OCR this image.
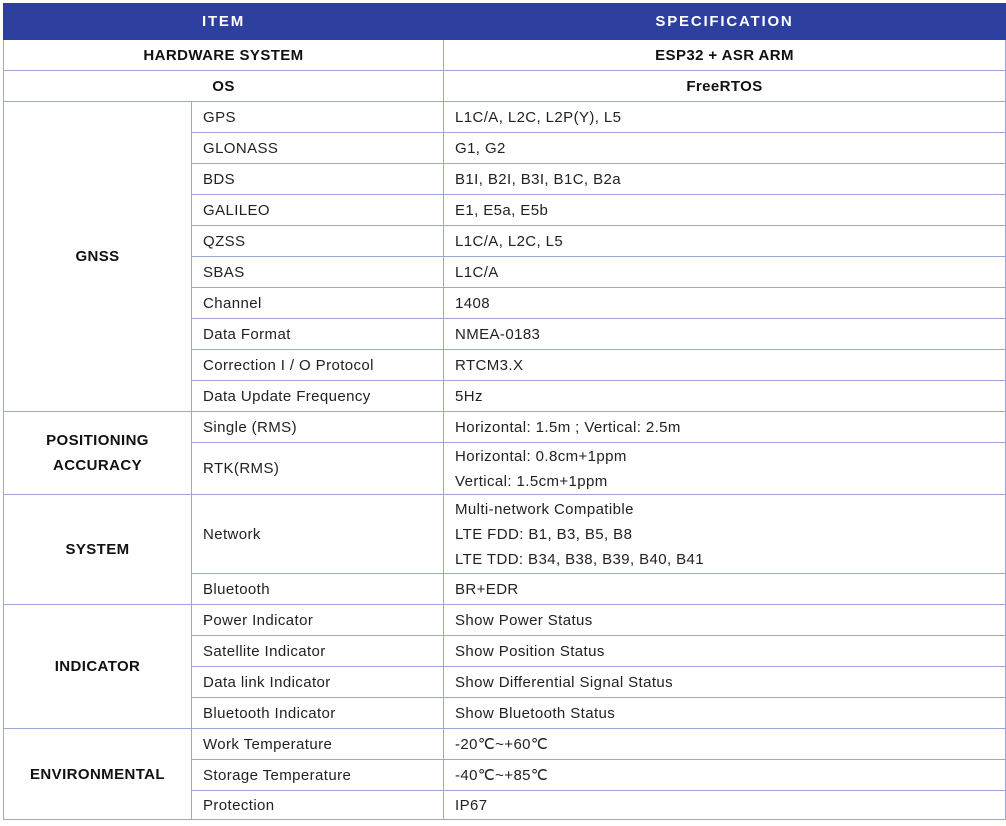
ITEM		SPECIFICATION
HARDWARE SYSTEM		ESP32 + ASR ARM
OS		FreeRTOS
GNSS	GPS	L1C/A, L2C, L2P(Y), L5
	GLONASS	G1, G2
	BDS	B1I, B2I, B3I, B1C, B2a
	GALILEO	E1, E5a, E5b
	QZSS	L1C/A, L2C, L5
	SBAS	L1C/A
	Channel	1408
	Data Format	NMEA-0183
	Correction I / O Protocol	RTCM3.X
	Data Update Frequency	5Hz

POSITIONING
ACCURACY	Single (RMS)	Horizontal: 1.5m ; Vertical: 2.5m
	RTK(RMS)	Horizontal: 0.8cm+1ppm
Vertical: 1.5cm+1ppm

SYSTEM	Network	Multi-network Compatible
LTE FDD: B1, B3, B5, B8
LTE TDD: B34, B38, B39, B40, B41

	Bluetooth	BR+EDR
INDICATOR	Power Indicator	Show Power Status
	Satellite Indicator	Show Position Status
	Data link Indicator	Show Differential Signal Status
	Bluetooth Indicator	Show Bluetooth Status
ENVIRONMENTAL	Work Temperature	-20℃~+60℃
	Storage Temperature	-40℃~+85℃
	Protection	IP67
